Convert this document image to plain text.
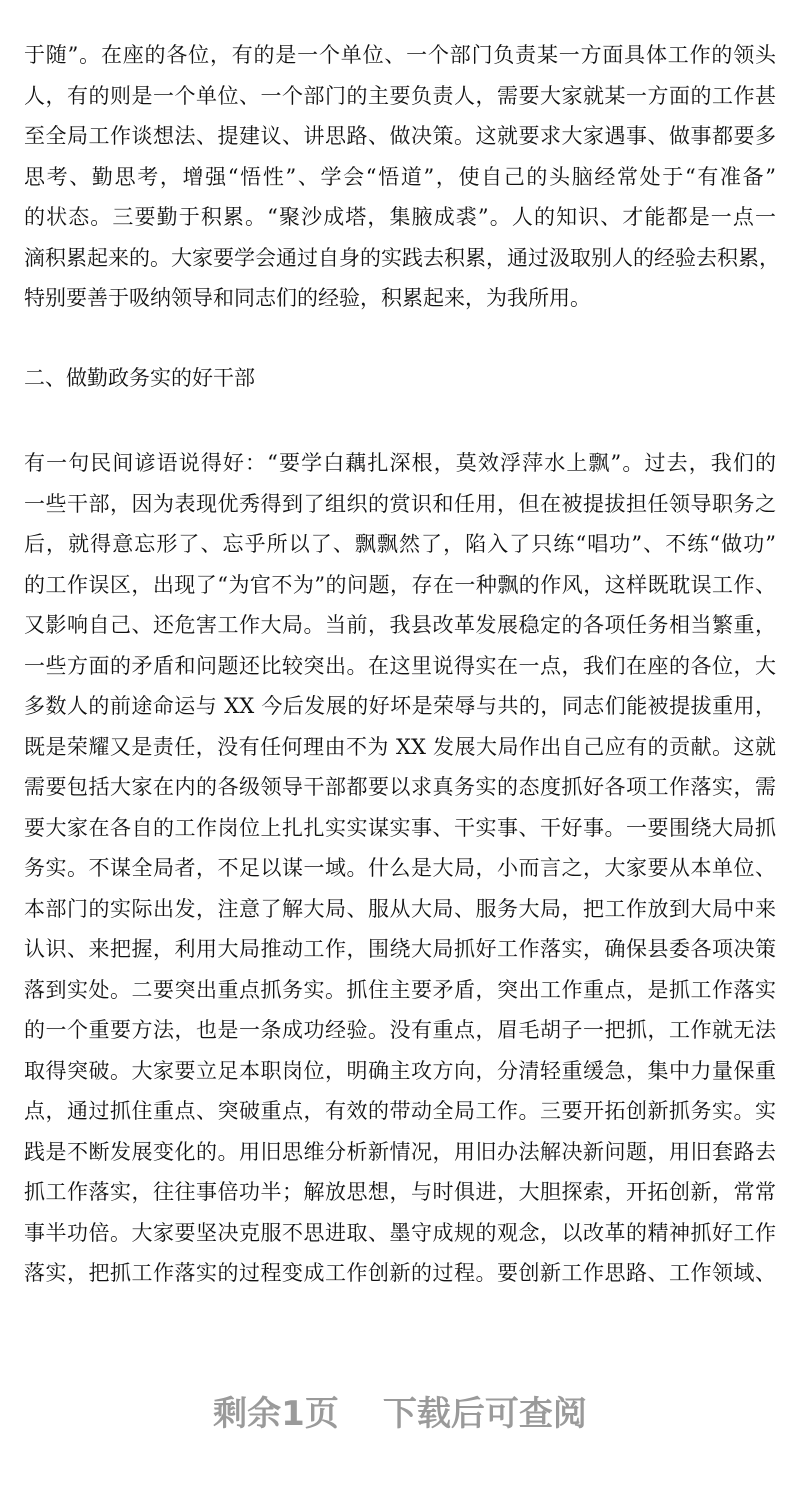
于随”。在座的各位，有的是一个单位、一个部门负责某一方面具体工作的领头
人，有的则是一个单位、一个部门的主要负责人，需要大家就某一方面的工作甚
至全局工作谈想法、提建议、讲思路、做决策。这就要求大家遇事、做事都要多
思考、勤思考，增强“悟性”、学会“悟道”，使自己的头脑经常处于“有准备”
的状态。三要勤于积累。“聚沙成塔，集腋成裘”。人的知识、才能都是一点一
滴积累起来的。大家要学会通过自身的实践去积累，通过汲取别人的经验去积累，
特别要善于吸纳领导和同志们的经验，积累起来，为我所用。
二、做勤政务实的好干部
有一句民间谚语说得好：“要学白藕扎深根，莫效浮萍水上飘”。过去，我们的
一些干部，因为表现优秀得到了组织的赏识和任用，但在被提拔担任领导职务之
后，就得意忘形了、忘乎所以了、飘飘然了，陷入了只练“唱功”、不练“做功”
的工作误区，出现了“为官不为”的问题，存在一种飘的作风，这样既耽误工作、
又影响自己、还危害工作大局。当前，我县改革发展稳定的各项任务相当繁重，
一些方面的矛盾和问题还比较突出。在这里说得实在一点，我们在座的各位，大
多数人的前途命运与 XX 今后发展的好坏是荣辱与共的，同志们能被提拔重用，
既是荣耀又是责任，没有任何理由不为 XX 发展大局作出自己应有的贡献。这就
需要包括大家在内的各级领导干部都要以求真务实的态度抓好各项工作落实，需
要大家在各自的工作岗位上扎扎实实谋实事、干实事、干好事。一要围绕大局抓
务实。不谋全局者，不足以谋一域。什么是大局，小而言之，大家要从本单位、
本部门的实际出发，注意了解大局、服从大局、服务大局，把工作放到大局中来
认识、来把握，利用大局推动工作，围绕大局抓好工作落实，确保县委各项决策
落到实处。二要突出重点抓务实。抓住主要矛盾，突出工作重点，是抓工作落实
的一个重要方法，也是一条成功经验。没有重点，眉毛胡子一把抓，工作就无法
取得突破。大家要立足本职岗位，明确主攻方向，分清轻重缓急，集中力量保重
点，通过抓住重点、突破重点，有效的带动全局工作。三要开拓创新抓务实。实
践是不断发展变化的。用旧思维分析新情况，用旧办法解决新问题，用旧套路去
抓工作落实，往往事倍功半；解放思想，与时俱进，大胆探索，开拓创新，常常
事半功倍。大家要坚决克服不思进取、墨守成规的观念，以改革的精神抓好工作
落实，把抓工作落实的过程变成工作创新的过程。要创新工作思路、工作领域、
剩余1页 下载后可查阅
